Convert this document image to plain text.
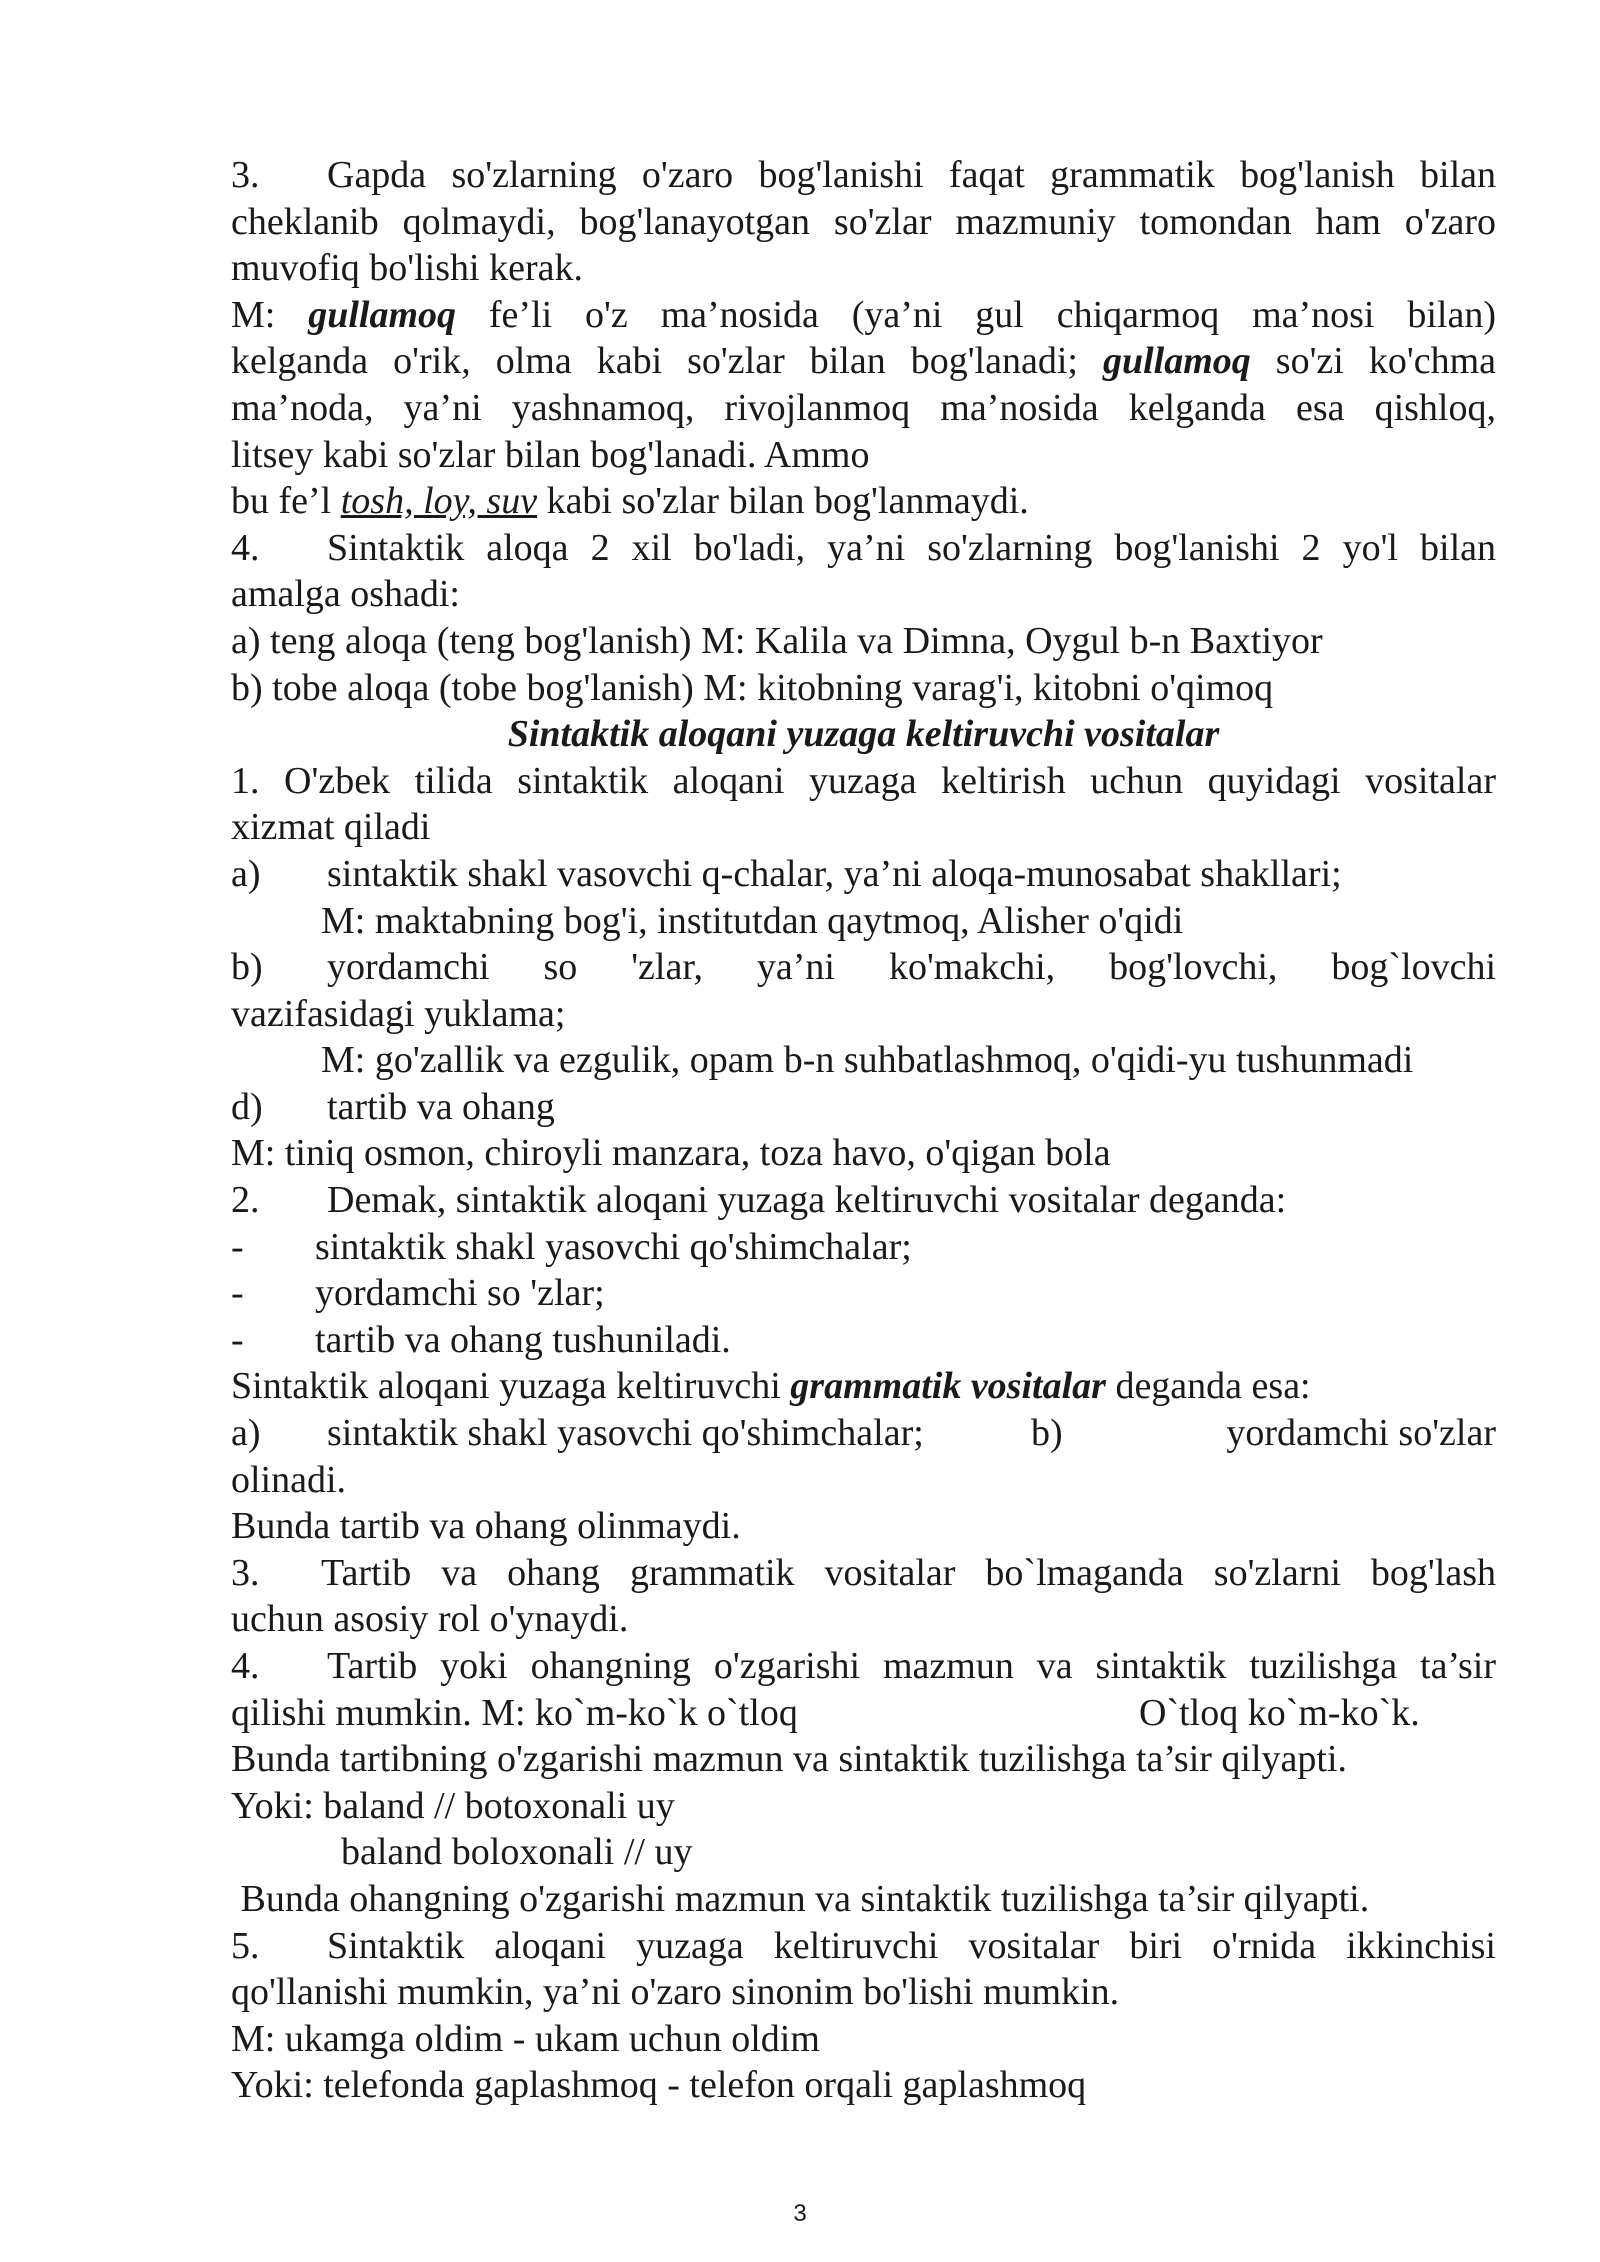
3. Gapda so'zlarning o'zaro bog'lanishi faqat grammatik bog'lanish bilan
cheklanib qolmaydi, bog'lanayotgan so'zlar mazmuniy tomondan ham o'zaro
muvofiq bo'lishi kerak.
M: gullamoq fe’li o'z ma’nosida (ya’ni gul chiqarmoq ma’nosi bilan)
kelganda o'rik, olma kabi so'zlar bilan bog'lanadi; gullamoq so'zi ko'chma
ma’noda, ya’ni yashnamoq, rivojlanmoq ma’nosida kelganda esa qishloq,
litsey kabi so'zlar bilan bog'lanadi. Ammo
bu fe’l tosh, loy, suv kabi so'zlar bilan bog'lanmaydi.
4. Sintaktik aloqa 2 xil bo'ladi, ya’ni so'zlarning bog'lanishi 2 yo'l bilan
amalga oshadi:
a) teng aloqa (teng bog'lanish) M: Kalila va Dimna, Oygul b-n Baxtiyor
b) tobe aloqa (tobe bog'lanish) M: kitobning varag'i, kitobni o'qimoq
Sintaktik aloqani yuzaga keltiruvchi vositalar
1. O'zbek tilida sintaktik aloqani yuzaga keltirish uchun quyidagi vositalar
xizmat qiladi
a) sintaktik shakl vasovchi q-chalar, ya’ni aloqa-munosabat shakllari;
M: maktabning bog'i, institutdan qaytmoq, Alisher o'qidi
b) yordamchi so 'zlar, ya’ni ko'makchi, bog'lovchi, bog`lovchi
vazifasidagi yuklama;
M: go'zallik va ezgulik, opam b-n suhbatlashmoq, o'qidi-yu tushunmadi
d) tartib va ohang
M: tiniq osmon, chiroyli manzara, toza havo, o'qigan bola
2. Demak, sintaktik aloqani yuzaga keltiruvchi vositalar deganda:
- sintaktik shakl yasovchi qo'shimchalar;
- yordamchi so 'zlar;
- tartib va ohang tushuniladi.
Sintaktik aloqani yuzaga keltiruvchi grammatik vositalar deganda esa:
a)	sintaktik shakl yasovchi qo'shimchalar;	b)	yordamchi so'zlar
olinadi.
Bunda tartib va ohang olinmaydi.
3. Tartib va ohang grammatik vositalar bo`lmaganda so'zlarni bog'lash
uchun asosiy rol o'ynaydi.
4. Tartib yoki ohangning o'zgarishi mazmun va sintaktik tuzilishga ta’sir
qilishi mumkin. M: ko`m-ko`k o`tloq	O`tloq ko`m-ko`k.
Bunda tartibning o'zgarishi mazmun va sintaktik tuzilishga ta’sir qilyapti.
Yoki: baland // botoxonali uy
baland boloxonali // uy
Bunda ohangning o'zgarishi mazmun va sintaktik tuzilishga ta’sir qilyapti.
5. Sintaktik aloqani yuzaga keltiruvchi vositalar biri o'rnida ikkinchisi
qo'llanishi mumkin, ya’ni o'zaro sinonim bo'lishi mumkin.
M: ukamga oldim - ukam uchun oldim
Yoki: telefonda gaplashmoq - telefon orqali gaplashmoq
3
